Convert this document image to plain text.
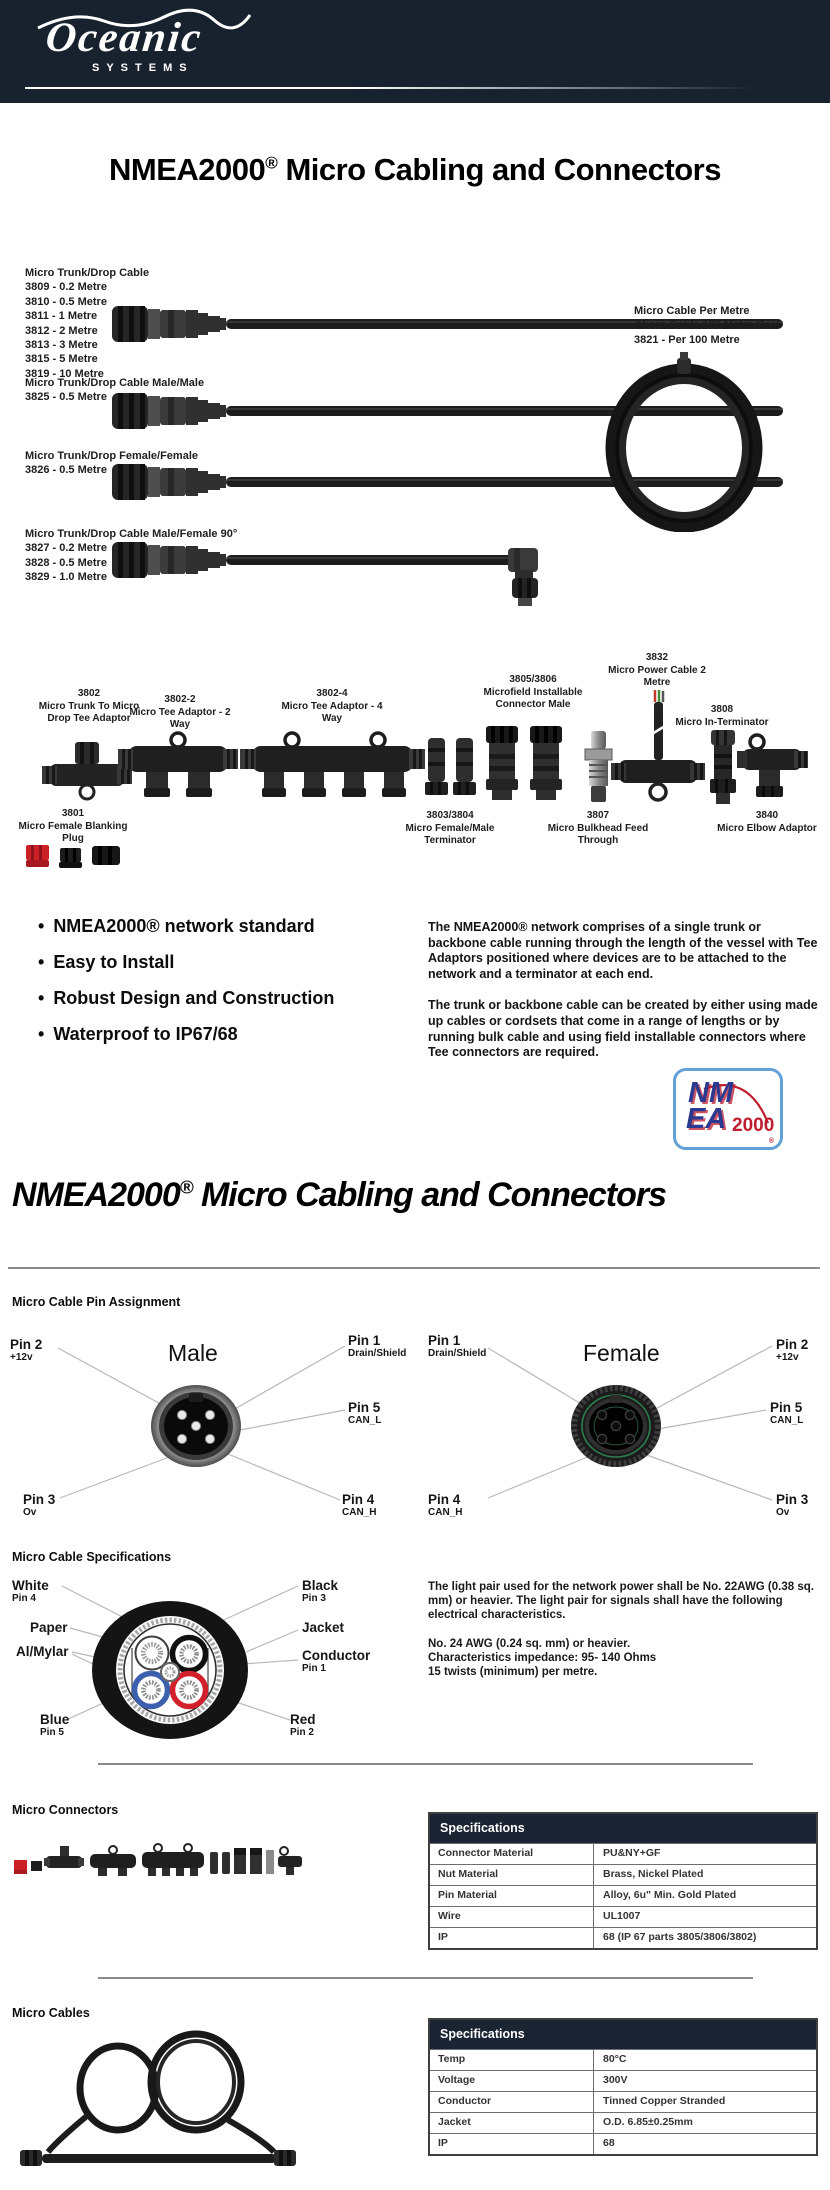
Oceanic
SYSTEMS
NMEA2000® Micro Cabling and Connectors
Micro Trunk/Drop Cable
3809 - 0.2 Metre
3810 - 0.5 Metre
3811 - 1 Metre
3812 - 2 Metre
3813 - 3 Metre
3815 - 5 Metre
3819 - 10 Metre
Micro Trunk/Drop Cable Male/Male
3825 - 0.5 Metre
Micro Trunk/Drop Female/Female
3826 - 0.5 Metre
Micro Trunk/Drop Cable Male/Female 90°
3827 - 0.2 Metre
3828 - 0.5 Metre
3829 - 1.0 Metre
Micro Cable Per Metre
/Micro Cable 100 Metre Reel
3821 - Per 100 Metre
3802
Micro Trunk To Micro Drop Tee Adaptor
3802-2
Micro Tee Adaptor - 2 Way
3802-4
Micro Tee Adaptor - 4 Way
3803/3804
Micro Female/Male Terminator
3805/3806
Microfield Installable Connector Male
3807
Micro Bulkhead Feed Through
3832
Micro Power Cable 2 Metre
3808
Micro In-Terminator
3840
Micro Elbow Adaptor
3801
Micro Female Blanking Plug
• NMEA2000® network standard
• Easy to Install
• Robust Design and Construction
• Waterproof to IP67/68

The NMEA2000® network comprises of a single trunk or backbone cable running through the length of the vessel with Tee Adaptors positioned where devices are to be attached to the network and a terminator at each end.

The trunk or backbone cable can be created by either using made up cables or cordsets that come in a range of lengths or by running bulk cable and using field installable connectors where Tee connectors are required.

NM
EA 2000
®
NMEA2000® Micro Cabling and Connectors
Micro Cable Pin Assignment
Male
Pin 2
+12v
Pin 1
Drain/Shield
Pin 5
CAN_L
Pin 3
Ov
Pin 4
CAN_H
Female
Pin 1
Drain/Shield
Pin 2
+12v
Pin 5
CAN_L
Pin 4
CAN_H
Pin 3
Ov
Micro Cable Specifications
White
Pin 4
Black
Pin 3
Paper	Jacket
Al/Mylar	Conductor
Pin 1
Blue
Pin 5
Red
Pin 2
The light pair used for the network power shall be No. 22AWG (0.38 sq. mm) or heavier. The light pair for signals shall have the following electrical characteristics.
No. 24 AWG (0.24 sq. mm) or heavier.
Characteristics impedance: 95- 140 Ohms
15 twists (minimum) per metre.
Micro Connectors
Specifications
Connector Material	PU&NY+GF
Nut Material	Brass, Nickel Plated
Pin Material	Alloy, 6u" Min. Gold Plated
Wire	UL1007
IP	68 (IP 67 parts 3805/3806/3802)
Micro Cables
Specifications
Temp	80°C
Voltage	300V
Conductor	Tinned Copper Stranded
Jacket	O.D. 6.85±0.25mm
IP	68
